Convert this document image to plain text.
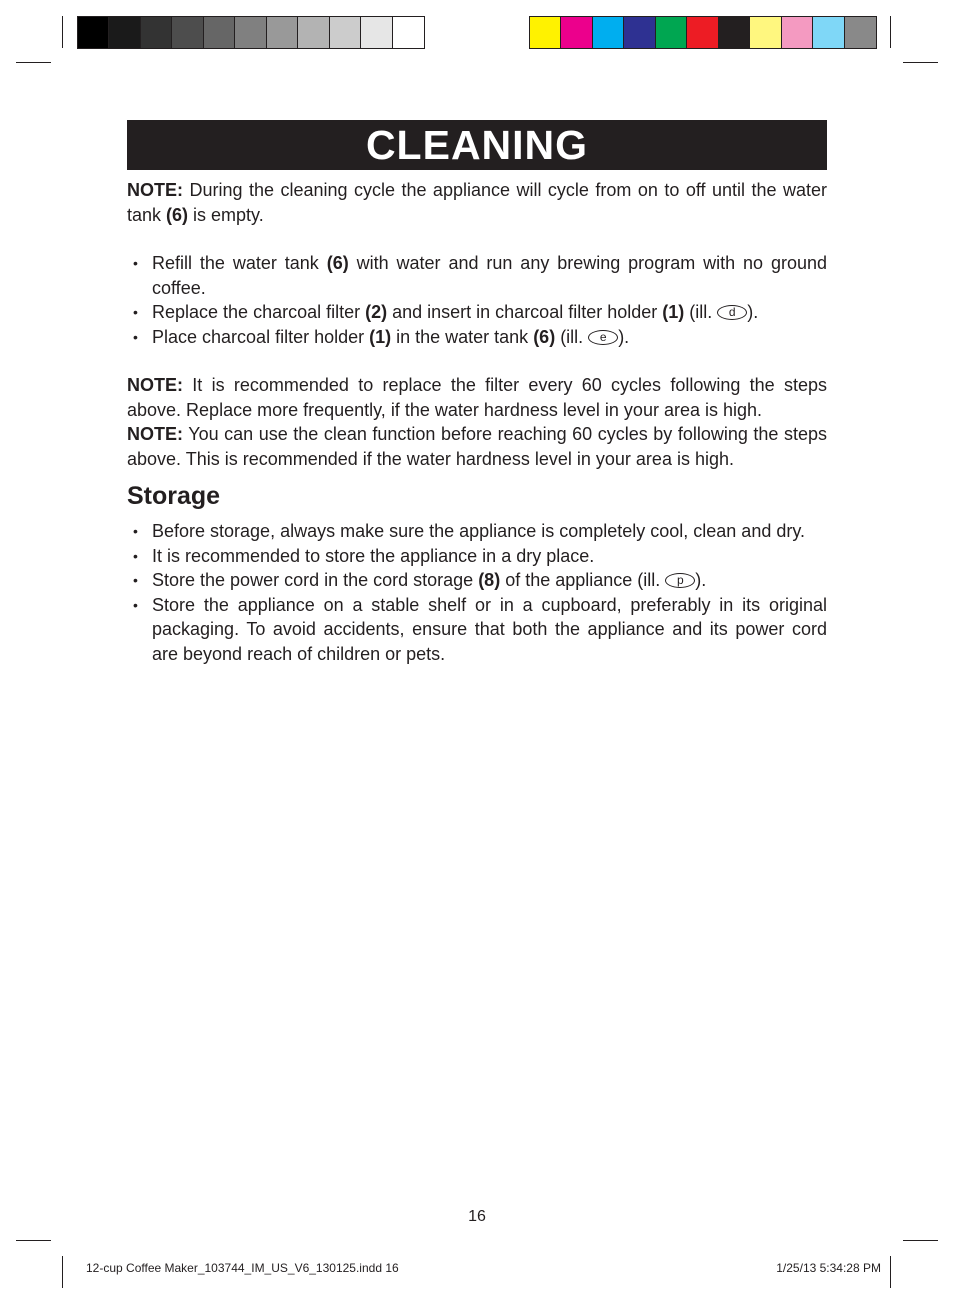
CLEANING

NOTE: During the cleaning cycle the appliance will cycle from on to off until the water tank (6) is empty.

• Refill the water tank (6) with water and run any brewing program with no ground coffee.
• Replace the charcoal filter (2) and insert in charcoal filter holder (1) (ill. d ).
• Place charcoal filter holder (1) in the water tank (6) (ill. e ).

NOTE: It is recommended to replace the filter every 60 cycles following the steps above. Replace more frequently, if the water hardness level in your area is high.

NOTE: You can use the clean function before reaching 60 cycles by following the steps above. This is recommended if the water hardness level in your area is high.

Storage
• Before storage, always make sure the appliance is completely cool, clean and dry.
• It is recommended to store the appliance in a dry place.
• Store the power cord in the cord storage (8) of the appliance (ill. p ).
• Store the appliance on a stable shelf or in a cupboard, preferably in its original packaging. To avoid accidents, ensure that both the appliance and its power cord are beyond reach of children or pets.
16
12-cup Coffee Maker_103744_IM_US_V6_130125.indd 16	1/25/13 5:34:28 PM
